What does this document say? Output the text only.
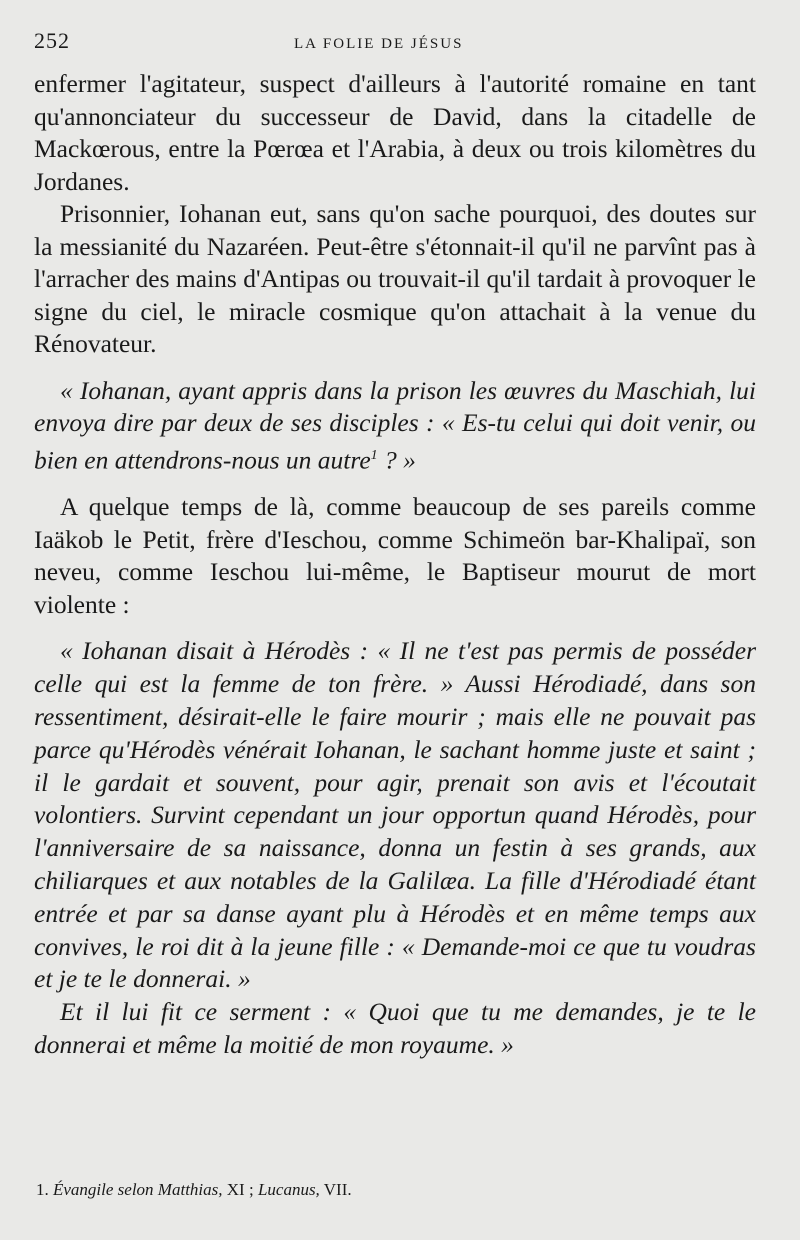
252	LA FOLIE DE JÉSUS

enfermer l'agitateur, suspect d'ailleurs à l'autorité romaine en tant qu'annonciateur du successeur de David, dans la citadelle de Mackœrous, entre la Pœrœa et l'Arabia, à deux ou trois kilomètres du Jordanes.

Prisonnier, Iohanan eut, sans qu'on sache pourquoi, des doutes sur la messianité du Nazaréen. Peut-être s'étonnait-il qu'il ne parvînt pas à l'arracher des mains d'Antipas ou trouvait-il qu'il tardait à provoquer le signe du ciel, le miracle cosmique qu'on attachait à la venue du Rénovateur.

« Iohanan, ayant appris dans la prison les œuvres du Maschiah, lui envoya dire par deux de ses disciples : « Es-tu celui qui doit venir, ou bien en attendrons-nous un autre$^1$ ? »

A quelque temps de là, comme beaucoup de ses pareils comme Iaäkob le Petit, frère d'Ieschou, comme Schimeön bar-Khalipaï, son neveu, comme Ieschou lui-même, le Baptiseur mourut de mort violente :

« Iohanan disait à Hérodès : « Il ne t'est pas permis de posséder celle qui est la femme de ton frère. » Aussi Hérodiadé, dans son ressentiment, désirait-elle le faire mourir ; mais elle ne pouvait pas parce qu'Hérodès vénérait Iohanan, le sachant homme juste et saint ; il le gardait et souvent, pour agir, prenait son avis et l'écoutait volontiers. Survint cependant un jour opportun quand Hérodès, pour l'anniversaire de sa naissance, donna un festin à ses grands, aux chiliarques et aux notables de la Galilæa. La fille d'Hérodiadé étant entrée et par sa danse ayant plu à Hérodès et en même temps aux convives, le roi dit à la jeune fille : « Demande-moi ce que tu voudras et je te le donnerai. »

Et il lui fit ce serment : « Quoi que tu me demandes, je te le donnerai et même la moitié de mon royaume. »

1. Évangile selon Matthias, XI ; Lucanus, VII.
